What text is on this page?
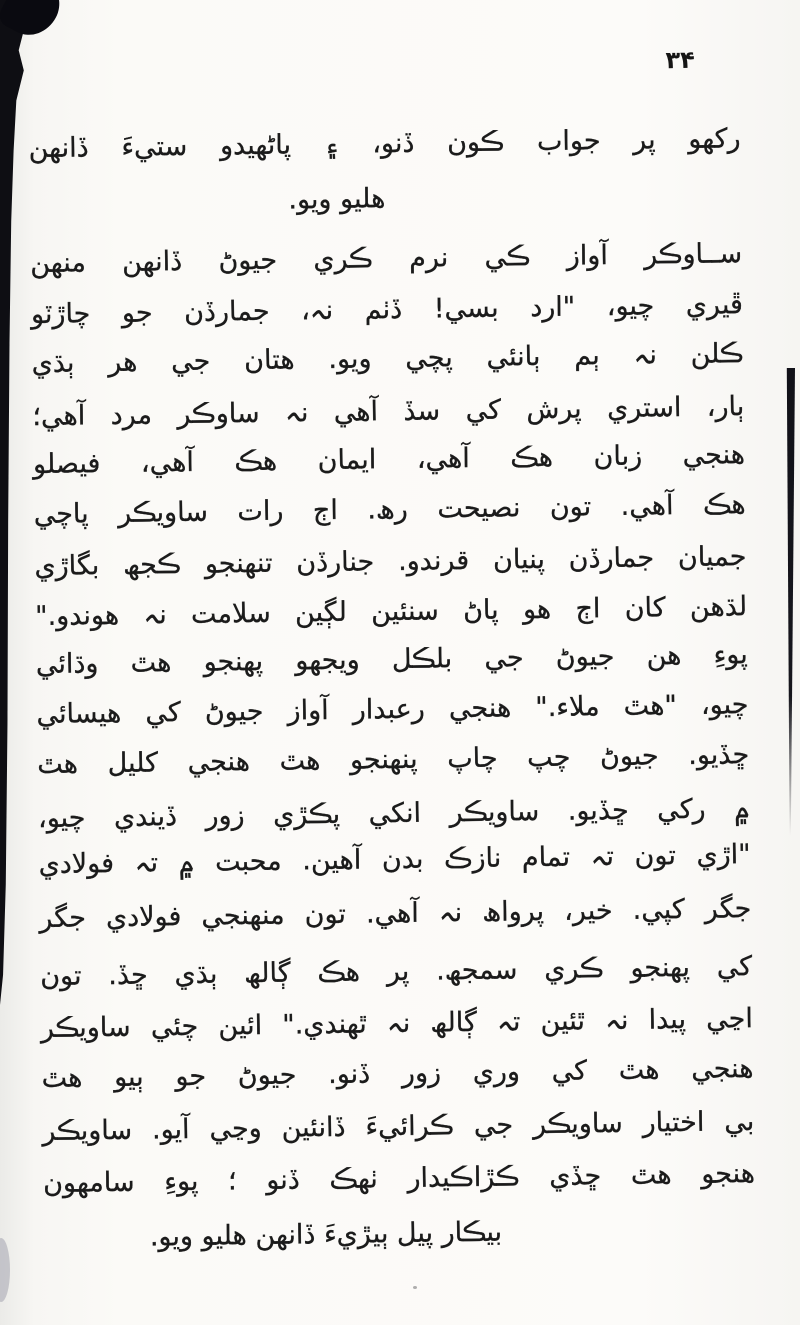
۳۴
رکھو پر جواب ڪون ڏنو، ۽ پاڻھيدو ستيءَ ڏانھن
ھليو ويو.
ســاوڪر آواز ڪي نرم ڪري جيوڻ ڏانھن منھن
ڦيري چيو، "ارد بسي! ڏٺم نہ، جمارڏن جو چاڙٽو
ڪلن نہ ٻم ٻانئي پچي ويو. ھتان جي ھر ٻڌي
ٻار، استري پرش کي سڏ آھي نہ ساوڪر مرد آھي؛
ھنجي زبان ھڪ آھي، ايمان ھڪ آھي، فيصلو
ھڪ آھي. تون نصيحت رھ. اڄ رات ساويڪر پاچي
جميان جمارڏن پنيان قرندو. جنارڏن تنھنجو ڪجھ بگاڙي
لڌھن کان اڄ ھو پاڻ سنئين لڳين سلامت نہ ھوندو."
پوءِ ھن جيوڻ جي بلڪل ويجھو پھنجو ھٿ وڌائي
چيو، "ھٿ ملاء." ھنجي رعبدار آواز جيوڻ کي ھيسائي
ڇڏيو. جيوڻ چپ چاپ پنھنجو ھٿ ھنجي کليل ھٿ
۾ رکي ڇڏيو. ساويڪر انکي پڪڙي زور ڏيندي چيو،
"اڙي تون تہ تمام نازڪ بدن آھين. محبت ۾ تہ فولادي
جگر کپي. خير، پرواھ نہ آھي. تون منھنجي فولادي جگر
کي پھنجو ڪري سمجھ. پر ھڪ ڳالھ ٻڌي ڇڏ. تون
اڃي پيدا نہ ٿئين تہ ڳالھ نہ ٿھندي." ائين چئي ساويڪر
ھنجي ھٿ کي وري زور ڏنو. جيوڻ جو ٻيو ھٿ
بي اختيار ساويڪر جي ڪرائيءَ ڏانئين وڃي آيو. ساويڪر
ھنجو ھٿ ڇڏي ڪڙاڪيدار ٺھڪ ڏنو ؛ پوءِ سامھون
بيڪار پيل ٻيڙيءَ ڏانھن ھليو ويو.
